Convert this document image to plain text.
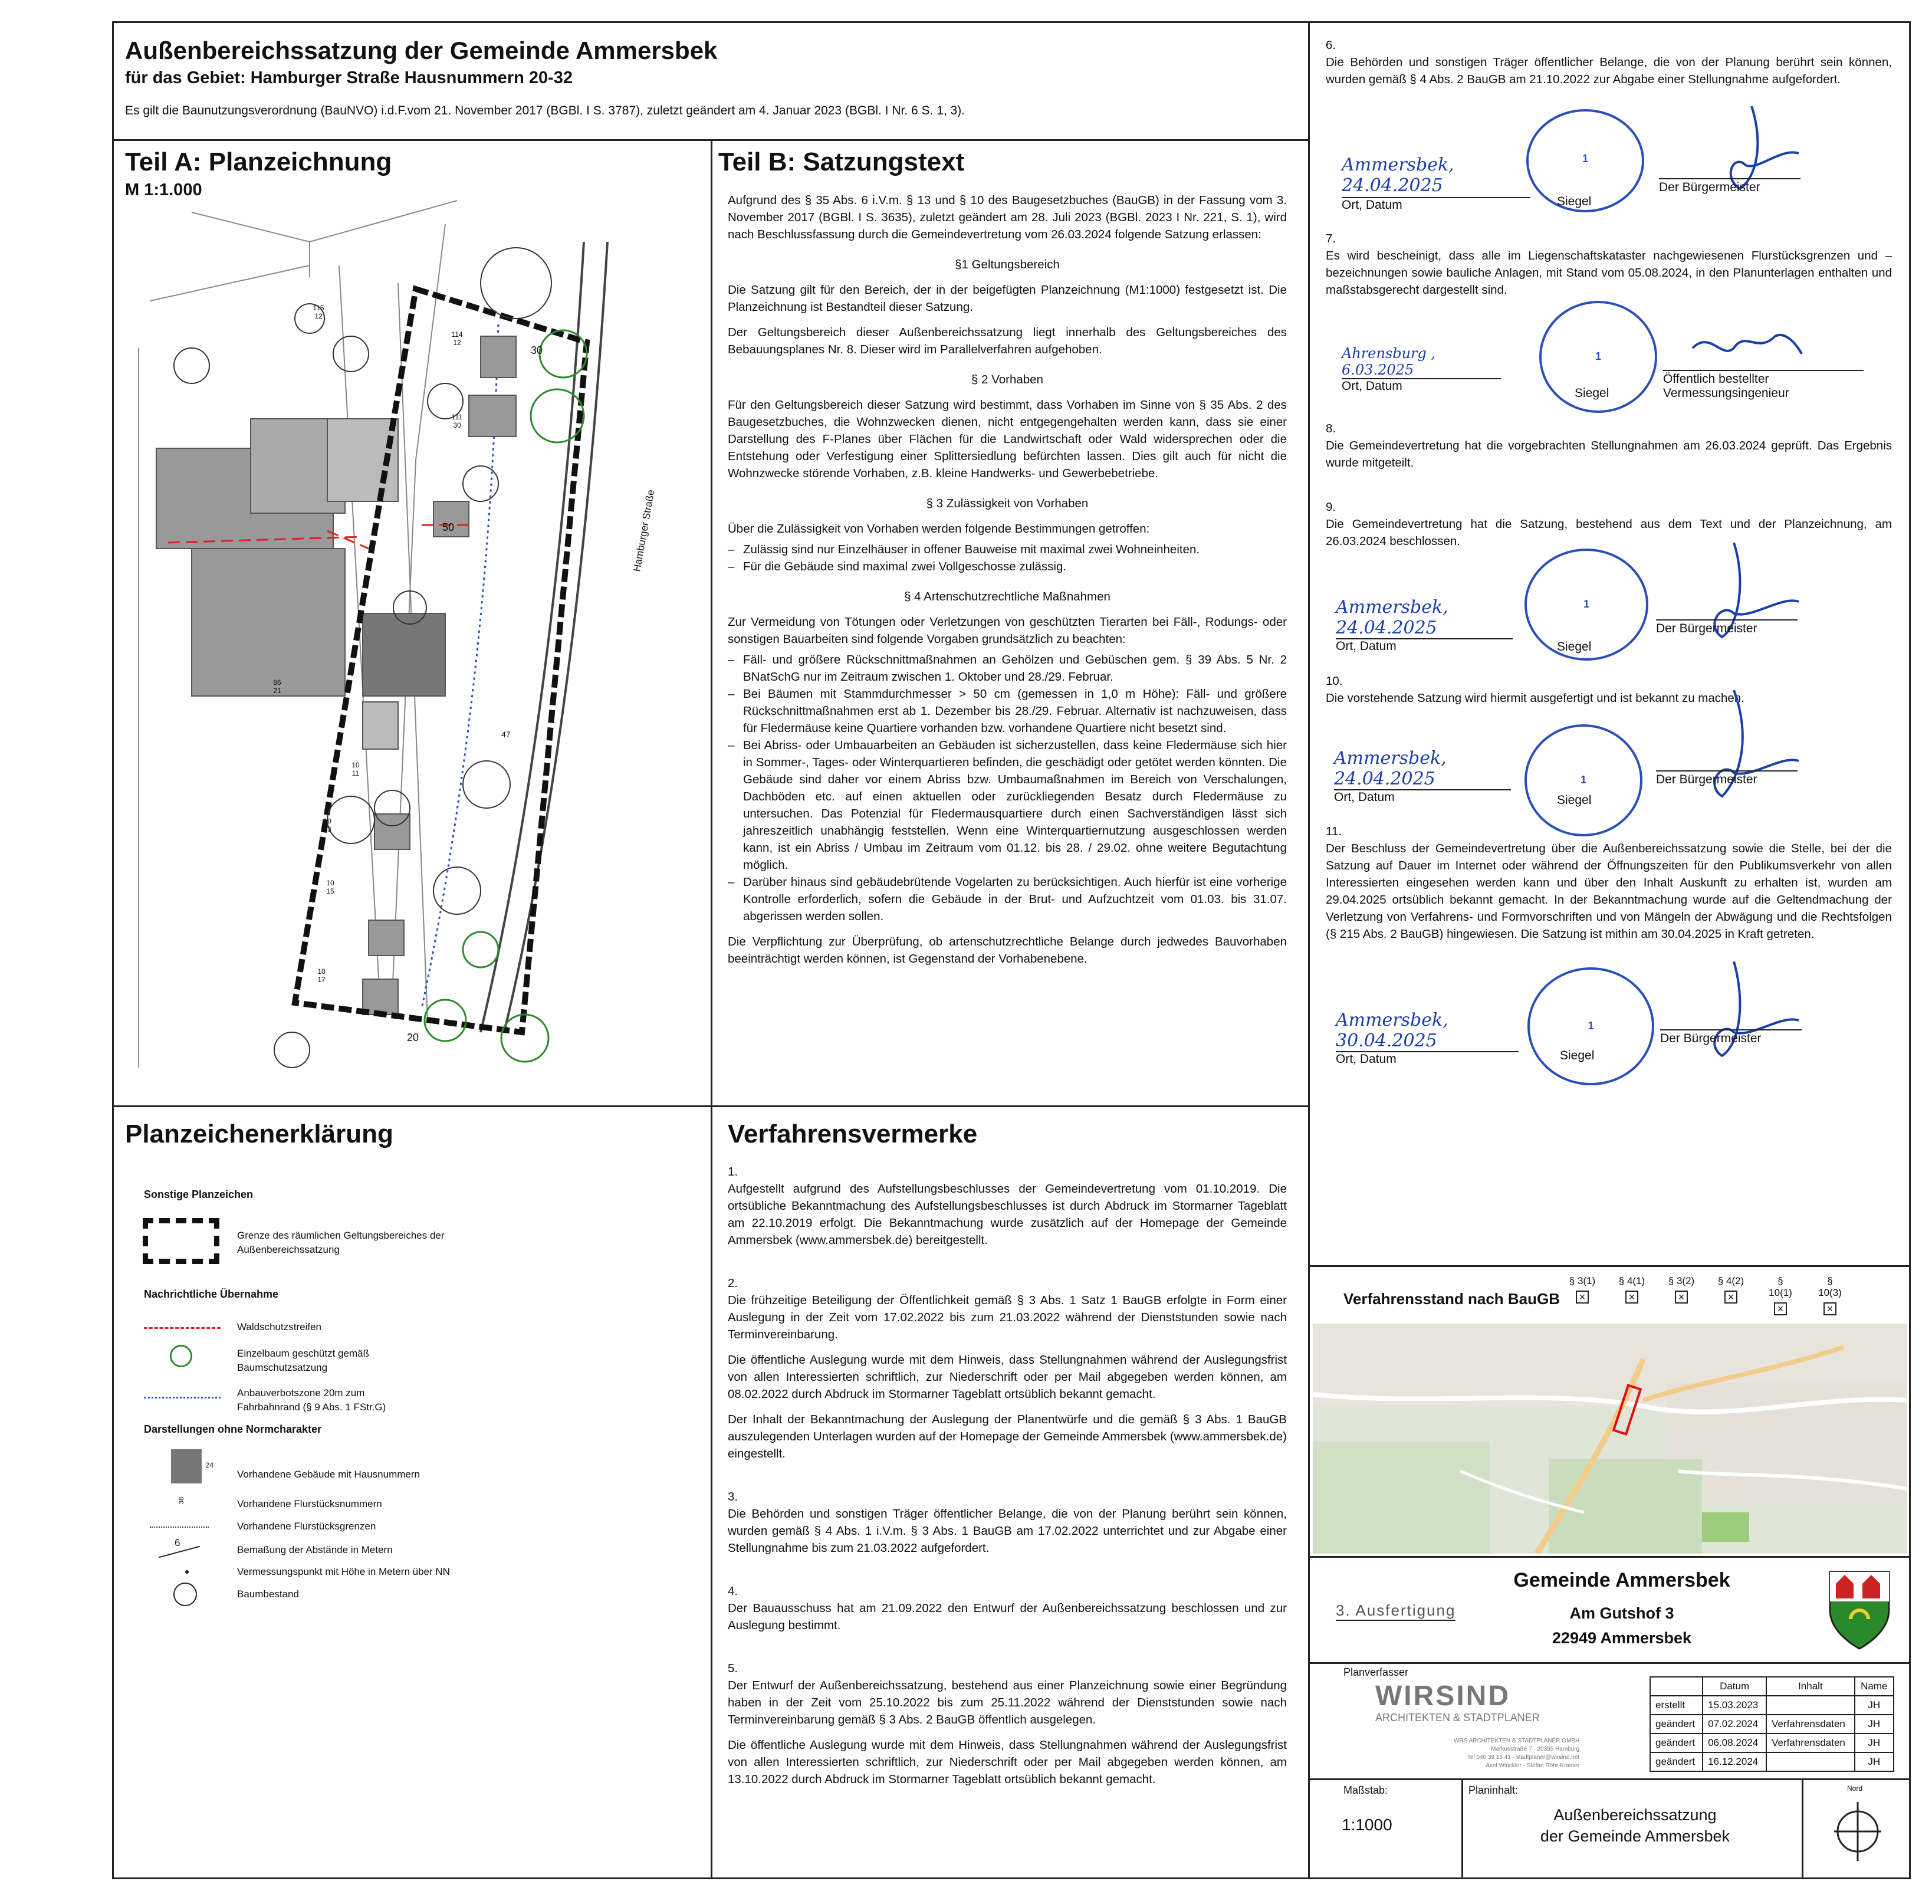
Außenbereichssatzung der Gemeinde Ammersbek
für das Gebiet: Hamburger Straße Hausnummern 20-32
Es gilt die Baunutzungsverordnung (BauNVO) i.d.F.vom 21. November 2017 (BGBl. I S. 3787), zuletzt geändert am 4. Januar 2023 (BGBl. I Nr. 6 S. 1, 3).
Teil A: Planzeichnung
M 1:1.000
Hamburger Straße
30
50
20
47
115
12
114
12
111
30
86
21
10
11
10
13
10
15
10
17
Teil B: Satzungstext

Aufgrund des § 35 Abs. 6 i.V.m. § 13 und § 10 des Baugesetzbuches (BauGB) in der Fassung vom 3. November 2017 (BGBl. I S. 3635), zuletzt geändert am 28. Juli 2023 (BGBl. 2023 I Nr. 221, S. 1), wird nach Beschlussfassung durch die Gemeindevertretung vom 26.03.2024 folgende Satzung erlassen:

§1 Geltungsbereich

Die Satzung gilt für den Bereich, der in der beigefügten Planzeichnung (M1:1000) festgesetzt ist. Die Planzeichnung ist Bestandteil dieser Satzung.

Der Geltungsbereich dieser Außenbereichssatzung liegt innerhalb des Geltungsbereiches des Bebauungsplanes Nr. 8. Dieser wird im Parallelverfahren aufgehoben.

§ 2 Vorhaben

Für den Geltungsbereich dieser Satzung wird bestimmt, dass Vorhaben im Sinne von § 35 Abs. 2 des Baugesetzbuches, die Wohnzwecken dienen, nicht entgegengehalten werden kann, dass sie einer Darstellung des F-Planes über Flächen für die Landwirtschaft oder Wald widersprechen oder die Entstehung oder Verfestigung einer Splittersiedlung befürchten lassen. Dies gilt auch für nicht die Wohnzwecke störende Vorhaben, z.B. kleine Handwerks- und Gewerbebetriebe.

§ 3 Zulässigkeit von Vorhaben

Über die Zulässigkeit von Vorhaben werden folgende Bestimmungen getroffen:

– Zulässig sind nur Einzelhäuser in offener Bauweise mit maximal zwei Wohneinheiten.
– Für die Gebäude sind maximal zwei Vollgeschosse zulässig.

§ 4 Artenschutzrechtliche Maßnahmen

Zur Vermeidung von Tötungen oder Verletzungen von geschützten Tierarten bei Fäll-, Rodungs- oder sonstigen Bauarbeiten sind folgende Vorgaben grundsätzlich zu beachten:

– Fäll- und größere Rückschnittmaßnahmen an Gehölzen und Gebüschen gem. § 39 Abs. 5 Nr. 2 BNatSchG nur im Zeitraum zwischen 1. Oktober und 28./29. Februar.
– Bei Bäumen mit Stammdurchmesser > 50 cm (gemessen in 1,0 m Höhe): Fäll- und größere Rückschnittmaßnahmen erst ab 1. Dezember bis 28./29. Februar. Alternativ ist nachzuweisen, dass für Fledermäuse keine Quartiere vorhanden bzw. vorhandene Quartiere nicht besetzt sind.
– Bei Abriss- oder Umbauarbeiten an Gebäuden ist sicherzustellen, dass keine Fledermäuse sich hier in Sommer-, Tages- oder Winterquartieren befinden, die geschädigt oder getötet werden könnten. Die Gebäude sind daher vor einem Abriss bzw. Umbaumaßnahmen im Bereich von Verschalungen, Dachböden etc. auf einen aktuellen oder zurückliegenden Besatz durch Fledermäuse zu untersuchen. Das Potenzial für Fledermausquartiere durch einen Sachverständigen lässt sich jahreszeitlich unabhängig feststellen. Wenn eine Winterquartiernutzung ausgeschlossen werden kann, ist ein Abriss / Umbau im Zeitraum vom 01.12. bis 28. / 29.02. ohne weitere Begutachtung möglich.
– Darüber hinaus sind gebäudebrütende Vogelarten zu berücksichtigen. Auch hierfür ist eine vorherige Kontrolle erforderlich, sofern die Gebäude in der Brut- und Aufzuchtzeit vom 01.03. bis 31.07. abgerissen werden sollen.

Die Verpflichtung zur Überprüfung, ob artenschutzrechtliche Belange durch jedwedes Bauvorhaben beeinträchtigt werden können, ist Gegenstand der Vorhabenebene.

Planzeichenerklärung
Sonstige Planzeichen
Grenze des räumlichen Geltungsbereiches der Außenbereichssatzung
Nachrichtliche Übernahme
Waldschutzstreifen
Einzelbaum geschützt gemäß Baumschutzsatzung
Anbauverbotszone 20m zum Fahrbahnrand (§ 9 Abs. 1 FStr.G)
Darstellungen ohne Normcharakter
24
Vorhandene Gebäude mit Hausnummern
38	Vorhandene Flurstücksnummern
Vorhandene Flurstücksgrenzen
6
Bemaßung der Abstände in Metern
Vermessungspunkt mit Höhe in Metern über NN
Baumbestand
Verfahrensvermerke

1.

Aufgestellt aufgrund des Aufstellungsbeschlusses der Gemeindevertretung vom 01.10.2019. Die ortsübliche Bekanntmachung des Aufstellungsbeschlusses ist durch Abdruck im Stormarner Tageblatt am 22.10.2019 erfolgt. Die Bekanntmachung wurde zusätzlich auf der Homepage der Gemeinde Ammersbek (www.ammersbek.de) bereitgestellt.

2.

Die frühzeitige Beteiligung der Öffentlichkeit gemäß § 3 Abs. 1 Satz 1 BauGB erfolgte in Form einer Auslegung in der Zeit vom 17.02.2022 bis zum 21.03.2022 während der Dienststunden sowie nach Terminvereinbarung.

Die öffentliche Auslegung wurde mit dem Hinweis, dass Stellungnahmen während der Auslegungsfrist von allen Interessierten schriftlich, zur Niederschrift oder per Mail abgegeben werden können, am 08.02.2022 durch Abdruck im Stormarner Tageblatt ortsüblich bekannt gemacht.

Der Inhalt der Bekanntmachung der Auslegung der Planentwürfe und die gemäß § 3 Abs. 1 BauGB auszulegenden Unterlagen wurden auf der Homepage der Gemeinde Ammersbek (www.ammersbek.de) eingestellt.

3.

Die Behörden und sonstigen Träger öffentlicher Belange, die von der Planung berührt sein können, wurden gemäß § 4 Abs. 1 i.V.m. § 3 Abs. 1 BauGB am 17.02.2022 unterrichtet und zur Abgabe einer Stellungnahme bis zum 21.03.2022 aufgefordert.

4.

Der Bauausschuss hat am 21.09.2022 den Entwurf der Außenbereichssatzung beschlossen und zur Auslegung bestimmt.

5.

Der Entwurf der Außenbereichssatzung, bestehend aus einer Planzeichnung sowie einer Begründung haben in der Zeit vom 25.10.2022 bis zum 25.11.2022 während der Dienststunden sowie nach Terminvereinbarung gemäß § 3 Abs. 2 BauGB öffentlich ausgelegen.

Die öffentliche Auslegung wurde mit dem Hinweis, dass Stellungnahmen während der Auslegungsfrist von allen Interessierten schriftlich, zur Niederschrift oder per Mail abgegeben werden können, am 13.10.2022 durch Abdruck im Stormarner Tageblatt ortsüblich bekannt gemacht.

6.

Die Behörden und sonstigen Träger öffentlicher Belange, die von der Planung berührt sein können, wurden gemäß § 4 Abs. 2 BauGB am 21.10.2022 zur Abgabe einer Stellungnahme aufgefordert.

Ammersbek, 24.04.2025
Ort, Datum
1
Siegel
Der Bürgermeister

7.

Es wird bescheinigt, dass alle im Liegenschaftskataster nachgewiesenen Flurstücksgrenzen und –bezeichnungen sowie bauliche Anlagen, mit Stand vom 05.08.2024, in den Planunterlagen enthalten und maßstabsgerecht dargestellt sind.

Ahrensburg , 6.03.2025
Ort, Datum
1
Siegel
Öffentlich bestellter Vermessungsingenieur

8.

Die Gemeindevertretung hat die vorgebrachten Stellungnahmen am 26.03.2024 geprüft. Das Ergebnis wurde mitgeteilt.

9.

Die Gemeindevertretung hat die Satzung, bestehend aus dem Text und der Planzeichnung, am 26.03.2024 beschlossen.

Ammersbek, 24.04.2025
Ort, Datum
1
Siegel
Der Bürgermeister

10.

Die vorstehende Satzung wird hiermit ausgefertigt und ist bekannt zu machen.

Ammersbek, 24.04.2025
Ort, Datum
1
Siegel
Der Bürgermeister

11.

Der Beschluss der Gemeindevertretung über die Außenbereichssatzung sowie die Stelle, bei der die Satzung auf Dauer im Internet oder während der Öffnungszeiten für den Publikumsverkehr von allen Interessierten eingesehen werden kann und über den Inhalt Auskunft zu erhalten ist, wurden am 29.04.2025 ortsüblich bekannt gemacht. In der Bekanntmachung wurde auf die Geltendmachung der Verletzung von Verfahrens- und Formvorschriften und von Mängeln der Abwägung und die Rechtsfolgen (§ 215 Abs. 2 BauGB) hingewiesen. Die Satzung ist mithin am 30.04.2025 in Kraft getreten.

Ammersbek, 30.04.2025
Ort, Datum
1
Siegel
Der Bürgermeister
Verfahrensstand nach BauGB
§ 3(1)
×
§ 4(1)
×
§ 3(2)
×
§ 4(2)
×
§ 10(1)
×
§ 10(3)
×
3. Ausfertigung
Gemeinde Ammersbek
Am Gutshof 3
22949 Ammersbek
Planverfasser
WIRSIND
ARCHITEKTEN & STADTPLANER
WRS ARCHITEKTEN & STADTPLANER GMBH
Markusstraße 7 · 20355 Hamburg
Tel 040 39 15 41 · stadtplaner@wirsind.net
Axel Winckler · Stefan Röhr-Kramer
	Datum	Inhalt	Name
erstellt	15.03.2023		JH
geändert	07.02.2024	Verfahrensdaten	JH
geändert	06.08.2024	Verfahrensdaten	JH
geändert	16.12.2024		JH
Maßstab:
1:1000
Planinhalt:
Außenbereichssatzung
der Gemeinde Ammersbek
Nord
